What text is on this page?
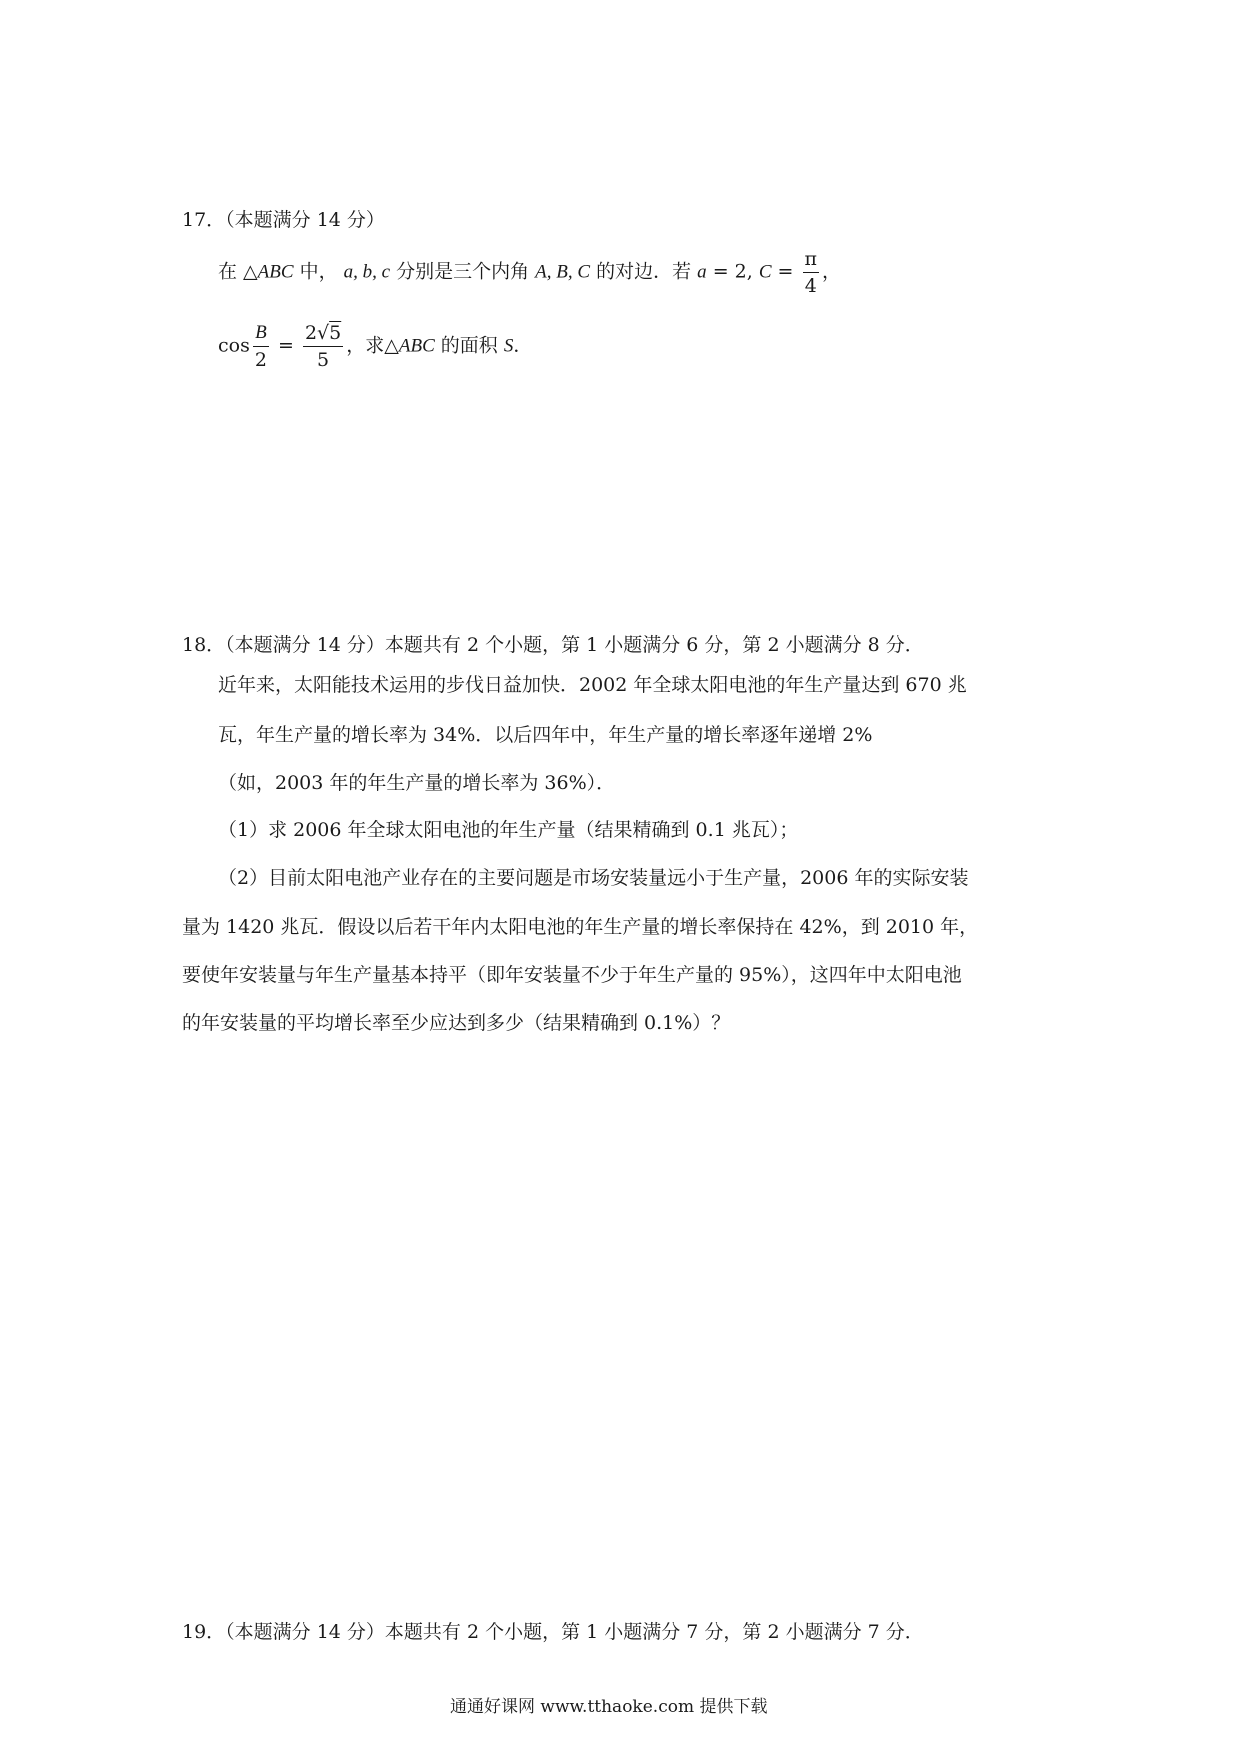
17．（本题满分 14 分）
在 △ABC 中， a, b, c 分别是三个内角 A, B, C 的对边．若 a = 2, $C = \frac{\pi}{4}$ ，
$\cos \frac{B}{2} = \frac{2√5}{5}$ ，求△ABC 的面积 S．
18．（本题满分 14 分）本题共有 2 个小题，第 1 小题满分 6 分，第 2 小题满分 8 分．
近年来，太阳能技术运用的步伐日益加快．2002 年全球太阳电池的年生产量达到 670 兆
瓦，年生产量的增长率为 34%．以后四年中，年生产量的增长率逐年递增 2%
（如，2003 年的年生产量的增长率为 36%）．
（1）求 2006 年全球太阳电池的年生产量（结果精确到 0.1 兆瓦）；
（2）目前太阳电池产业存在的主要问题是市场安装量远小于生产量，2006 年的实际安装
量为 1420 兆瓦．假设以后若干年内太阳电池的年生产量的增长率保持在 42%，到 2010 年，
要使年安装量与年生产量基本持平（即年安装量不少于年生产量的 95%），这四年中太阳电池
的年安装量的平均增长率至少应达到多少（结果精确到 0.1%）？
19．（本题满分 14 分）本题共有 2 个小题，第 1 小题满分 7 分，第 2 小题满分 7 分．
通通好课网 www.tthaoke.com 提供下载
